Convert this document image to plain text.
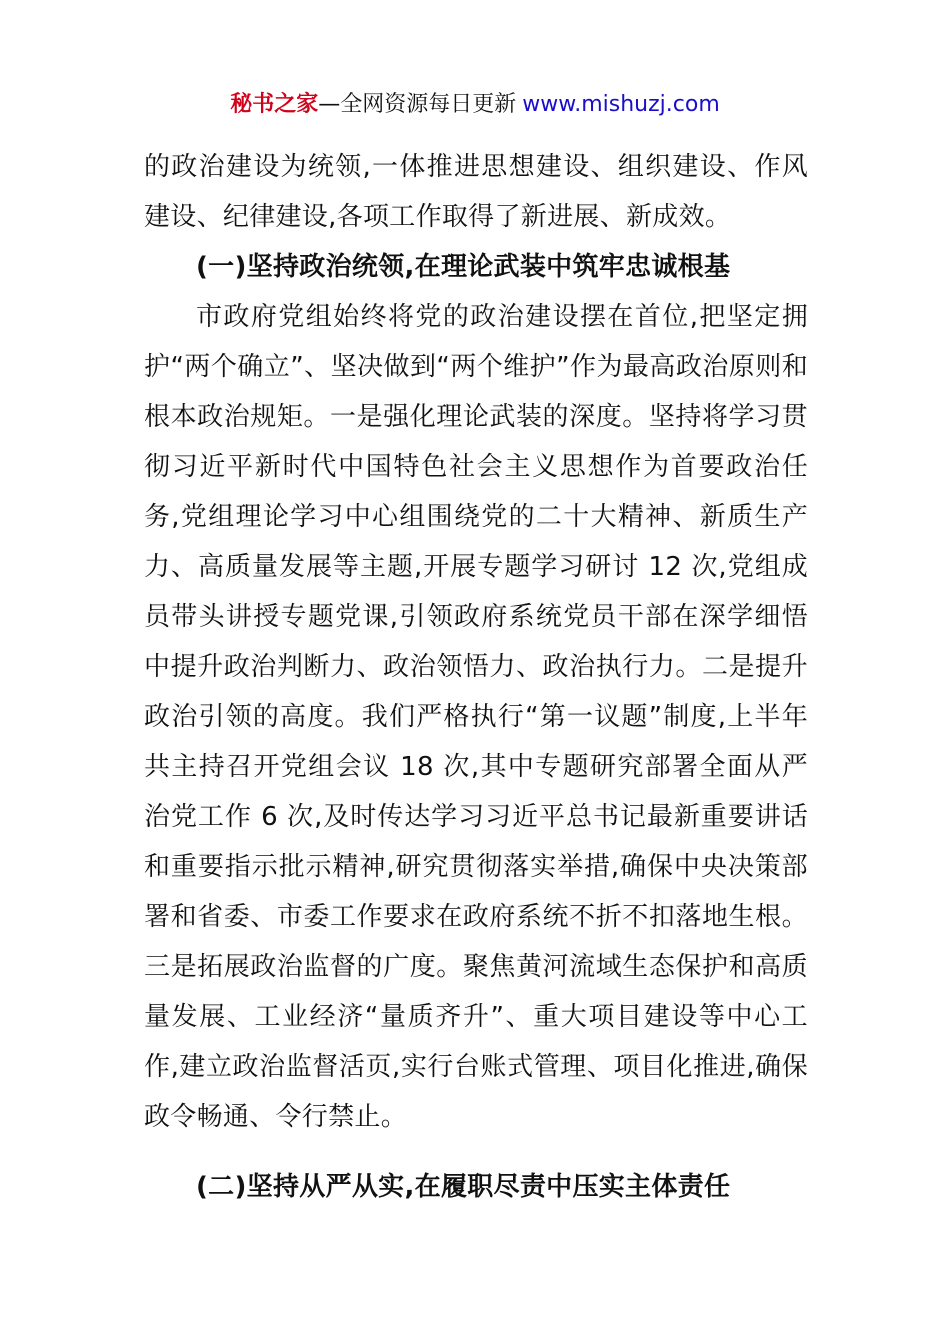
秘书之家—全网资源每日更新 www.mishuzj.com

的政治建设为统领,一体推进思想建设、组织建设、作风建设、纪律建设,各项工作取得了新进展、新成效。

(一)坚持政治统领,在理论武装中筑牢忠诚根基

市政府党组始终将党的政治建设摆在首位,把坚定拥护“两个确立”、坚决做到“两个维护”作为最高政治原则和根本政治规矩。一是强化理论武装的深度。坚持将学习贯彻习近平新时代中国特色社会主义思想作为首要政治任务,党组理论学习中心组围绕党的二十大精神、新质生产力、高质量发展等主题,开展专题学习研讨 12 次,党组成员带头讲授专题党课,引领政府系统党员干部在深学细悟中提升政治判断力、政治领悟力、政治执行力。二是提升政治引领的高度。我们严格执行“第一议题”制度,上半年共主持召开党组会议 18 次,其中专题研究部署全面从严治党工作 6 次,及时传达学习习近平总书记最新重要讲话和重要指示批示精神,研究贯彻落实举措,确保中央决策部署和省委、市委工作要求在政府系统不折不扣落地生根。三是拓展政治监督的广度。聚焦黄河流域生态保护和高质量发展、工业经济“量质齐升”、重大项目建设等中心工作,建立政治监督活页,实行台账式管理、项目化推进,确保政令畅通、令行禁止。

(二)坚持从严从实,在履职尽责中压实主体责任
